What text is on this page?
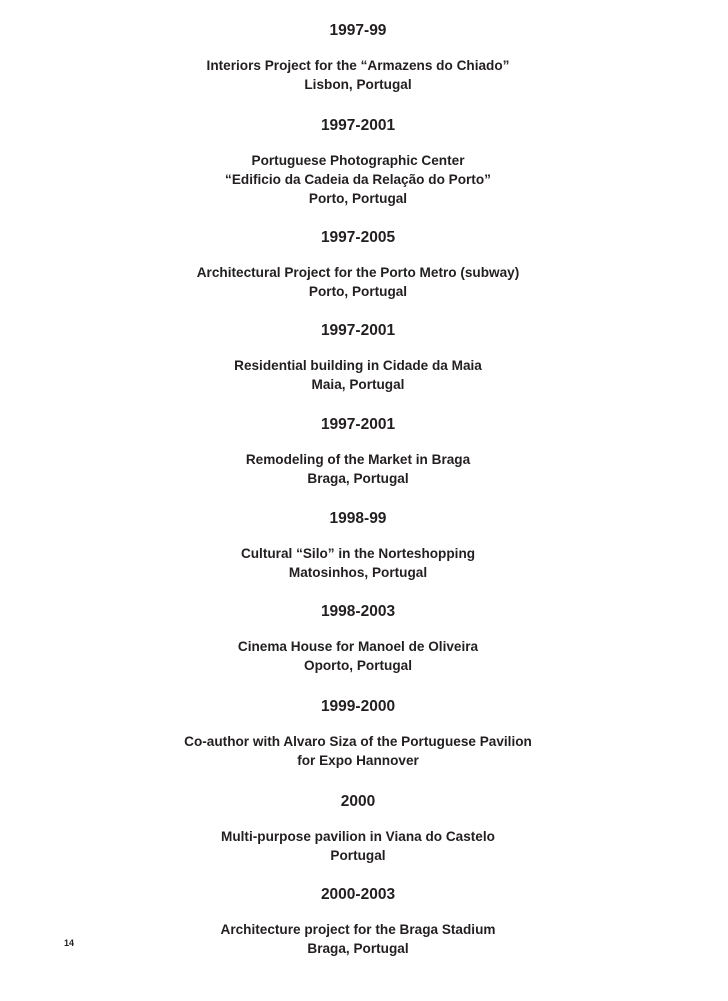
1997-99
Interiors Project for the “Armazens do Chiado”
Lisbon, Portugal
1997-2001
Portuguese Photographic Center
“Edificio da Cadeia da Relação do Porto”
Porto, Portugal
1997-2005
Architectural Project for the Porto Metro (subway)
Porto, Portugal
1997-2001
Residential building in Cidade da Maia
Maia, Portugal
1997-2001
Remodeling of the Market in Braga
Braga, Portugal
1998-99
Cultural “Silo” in the Norteshopping
Matosinhos, Portugal
1998-2003
Cinema House for Manoel de Oliveira
Oporto, Portugal
1999-2000
Co-author with Alvaro Siza of the Portuguese Pavilion
for Expo Hannover
2000
Multi-purpose pavilion in Viana do Castelo
Portugal
2000-2003
Architecture project for the Braga Stadium
Braga, Portugal
14
